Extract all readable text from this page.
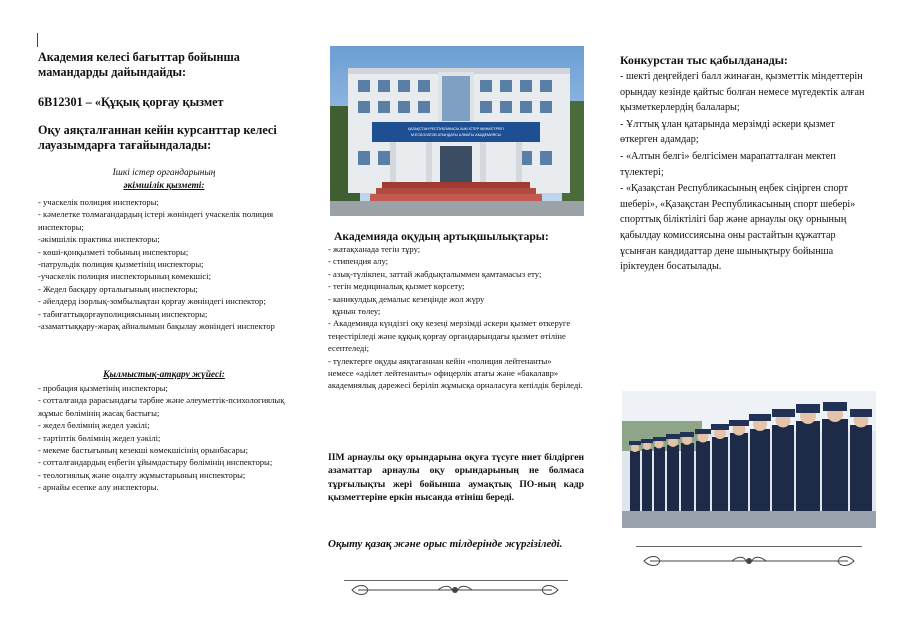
Академия келесі бағыттар бойынша мамандарды дайындайды:

6В12301 – «Құқық қорғау қызмет

Оқу аяқталғаннан кейін курсанттар келесі лауазымдарға тағайындалады:

Ішкі істер органдарының

әкімшілік қызметі:

- учаскелік полиция инспекторы;
- кәмелетке толмағандардың істері жөніндегі учаскелік полиция инспекторы;
-әкімшілік практика инспекторы;
- көші-қонқызметі тобының инспекторы;
-патрульдік полиция қызметінің инспекторы;
-учаскелік полиция инспекторының көмекшісі;
- Жедел басқару орталығының инспекторы;
- әйелдерд ізорлық-зомбылықтан қорғау жөніндегі инспектор;
- табиғаттықорғауполициясының инспекторы;
-азаматтыққару-жарақ айналымын бақылау жөніндегі инспектор

Қылмыстық-атқару жүйесі:

- пробация қызметінің инспекторы;
- сотталғанда рарасындағы тәрбие және әлеуметтік-психологиялық жұмыс бөлімінің жасақ бастығы;
- жедел бөлімнің жедел уәкілі;
- тәртіптік бөлімнің жедел уәкілі;
- мекеме бастығының кезекші көмекшісінің орынбасары;
- сотталғандардың еңбегін ұйымдастыру бөлімінің инспекторы;
- теологиялық және оңалту жұмыстарының инспекторы;
- арнайы есепке алу инспекторы.
ҚАЗАҚСТАН РЕСПУБЛИКАСЫ ІШКІ ІСТЕР МИНИСТРЛІГІ
М.ЕСБОЛАТОВ АТЫНДАҒЫ АЛМАТЫ АКАДЕМИЯСЫ

Академияда оқудың артықшылықтары:

- жатақханада тегін тұру;
- стипендия алу;
- азық-түлікпен, заттай жабдықталыммен қамтамасыз ету;
- тегін медициналық қызмет көрсету;
- каникулдық демалыс кезеңінде жол жүру
құнын төлеу;
- Академияда күндізгі оқу кезеңі мерзімді әскери қызмет өткеруге теңестіріледі және құқық қорғау органдарындағы қызмет өтіліне есептеледі;
- түлектерге оқуды аяқтағаннан кейін «полиция лейтенанты»
немесе «әділет лейтенанты» офицерлік атағы және «бакалавр» академиялық дәрежесі беріліп жұмысқа орналасуға кепілдік беріледі.

ІІМ арнаулы оқу орындарына оқуға түсуге ниет білдірген азаматтар арнаулы оқу орындарының не болмаса тұрғылықты жері бойынша аумақтық ПО-ның кадр қызметтеріне еркін нысанда өтініш береді.

Оқыту қазақ және орыс тілдерінде жүргізіледі.

Конкурстан тыс қабылданады:

- шекті деңгейдегі балл жинаған, қызметтік міндеттерін орындау кезінде қайтыс болған немесе мүгедектік алған қызметкерлердің балалары;
- Ұлттық ұлан қатарында мерзімді әскери қызмет өткерген адамдар;
- «Алтын белгі» белгісімен марапатталған мектеп түлектері;
- «Қазақстан Республикасының еңбек сіңірген спорт шебері», «Қазақстан Республикасының спорт шебері» спорттық біліктілігі бар және арнаулы оқу орнының қабылдау комиссиясына оны растайтын құжаттар ұсынған кандидаттар дене шынықтыру бойынша іріктеуден босатылады.
